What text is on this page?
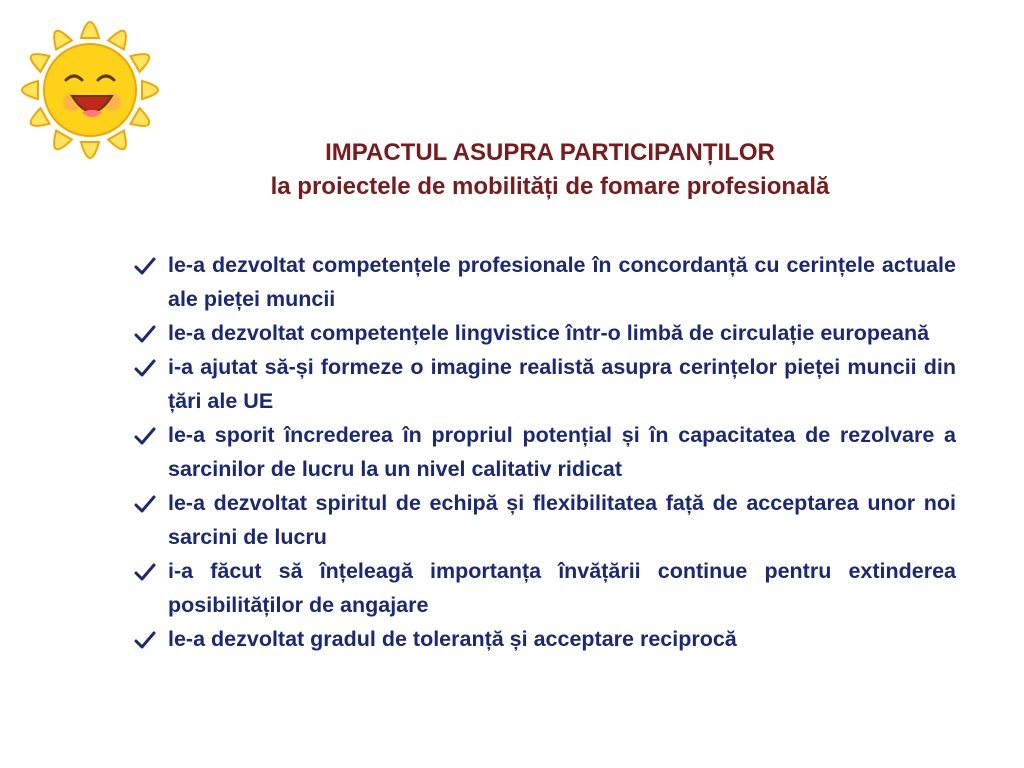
IMPACTUL ASUPRA PARTICIPANȚILOR
la proiectele de mobilități de fomare profesională
le-a dezvoltat competențele profesionale în concordanță cu cerințele actuale ale pieței muncii
le-a dezvoltat competențele lingvistice într-o limbă de circulație europeană
i-a ajutat să-și formeze o imagine realistă asupra cerințelor pieței muncii din țări ale UE
le-a sporit încrederea în propriul potențial și în capacitatea de rezolvare a sarcinilor de lucru la un nivel calitativ ridicat
le-a dezvoltat spiritul de echipă și flexibilitatea față de acceptarea unor noi sarcini de lucru
i-a făcut să înțeleagă importanța învățării continue pentru extinderea posibilităților de angajare
le-a dezvoltat gradul de toleranță și acceptare reciprocă
